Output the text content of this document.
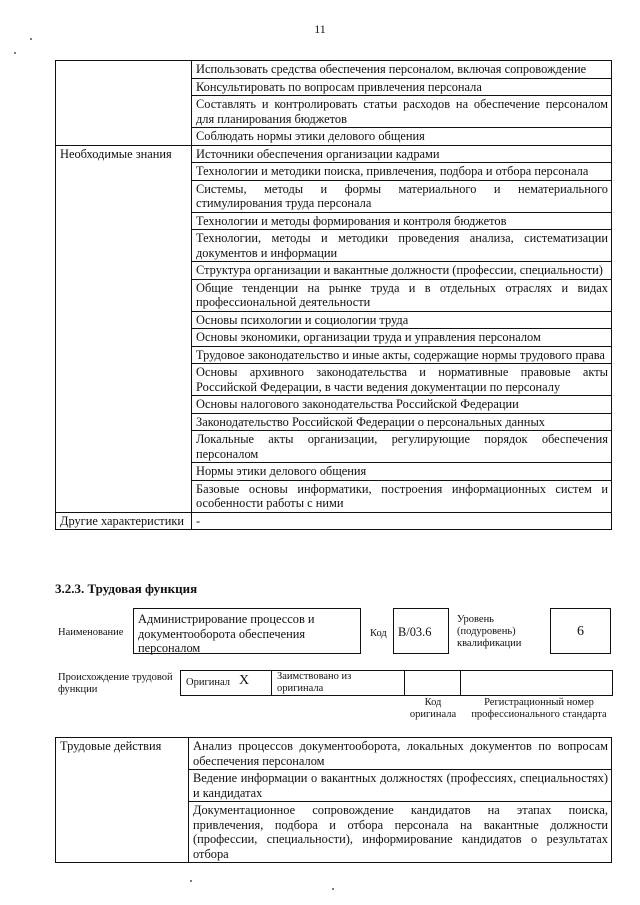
11
	Использовать средства обеспечения персоналом, включая сопровождение
	Консультировать по вопросам привлечения персонала
	Составлять и контролировать статьи расходов на обеспечение персоналом для планирования бюджетов
	Соблюдать нормы этики делового общения
Необходимые знания	Источники обеспечения организации кадрами
	Технологии и методики поиска, привлечения, подбора и отбора персонала
	Системы, методы и формы материального и нематериального стимулирования труда персонала
	Технологии и методы формирования и контроля бюджетов
	Технологии, методы и методики проведения анализа, систематизации документов и информации
	Структура организации и вакантные должности (профессии, специальности)
	Общие тенденции на рынке труда и в отдельных отраслях и видах профессиональной деятельности
	Основы психологии и социологии труда
	Основы экономики, организации труда и управления персоналом
	Трудовое законодательство и иные акты, содержащие нормы трудового права
	Основы архивного законодательства и нормативные правовые акты Российской Федерации, в части ведения документации по персоналу
	Основы налогового законодательства Российской Федерации
	Законодательство Российской Федерации о персональных данных
	Локальные акты организации, регулирующие порядок обеспечения персоналом
	Нормы этики делового общения
	Базовые основы информатики, построения информационных систем и особенности работы с ними
Другие характеристики	-
3.2.3. Трудовая функция
Наименование
Администрирование процессов и документооборота обеспечения персоналом
Код B/03.6
Уровень (подуровень) квалификации
6
Происхождение трудовой функции
Оригинал X	Заимствовано из оригинала
Код оригинала
Регистрационный номер профессионального стандарта
Трудовые действия	Анализ процессов документооборота, локальных документов по вопросам обеспечения персоналом
Ведение информации о вакантных должностях (профессиях, специальностях) и кандидатах
Документационное сопровождение кандидатов на этапах поиска, привлечения, подбора и отбора персонала на вакантные должности (профессии, специальности), информирование кандидатов о результатах отбора
